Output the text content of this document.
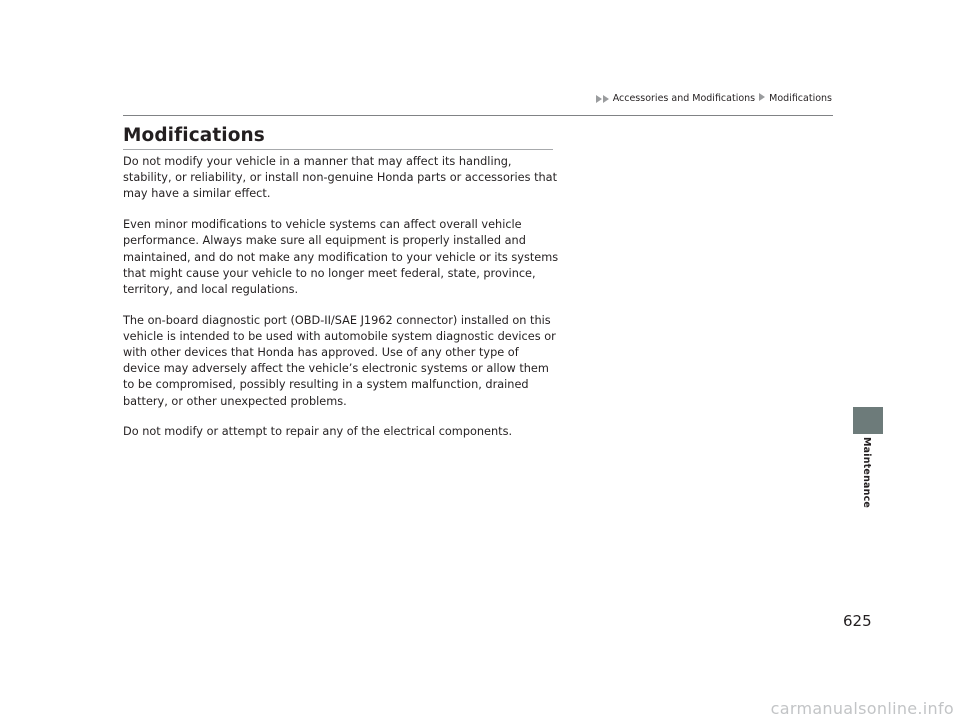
Accessories and Modifications Modifications
Modifications

Do not modify your vehicle in a manner that may affect its handling, stability, or reliability, or install non-genuine Honda parts or accessories that may have a similar effect.

Even minor modifications to vehicle systems can affect overall vehicle performance. Always make sure all equipment is properly installed and maintained, and do not make any modification to your vehicle or its systems that might cause your vehicle to no longer meet federal, state, province, territory, and local regulations.

The on-board diagnostic port (OBD-II/SAE J1962 connector) installed on this vehicle is intended to be used with automobile system diagnostic devices or with other devices that Honda has approved. Use of any other type of device may adversely affect the vehicle’s electronic systems or allow them to be compromised, possibly resulting in a system malfunction, drained battery, or other unexpected problems.

Do not modify or attempt to repair any of the electrical components.

Maintenance
625
carmanualsonline.info
